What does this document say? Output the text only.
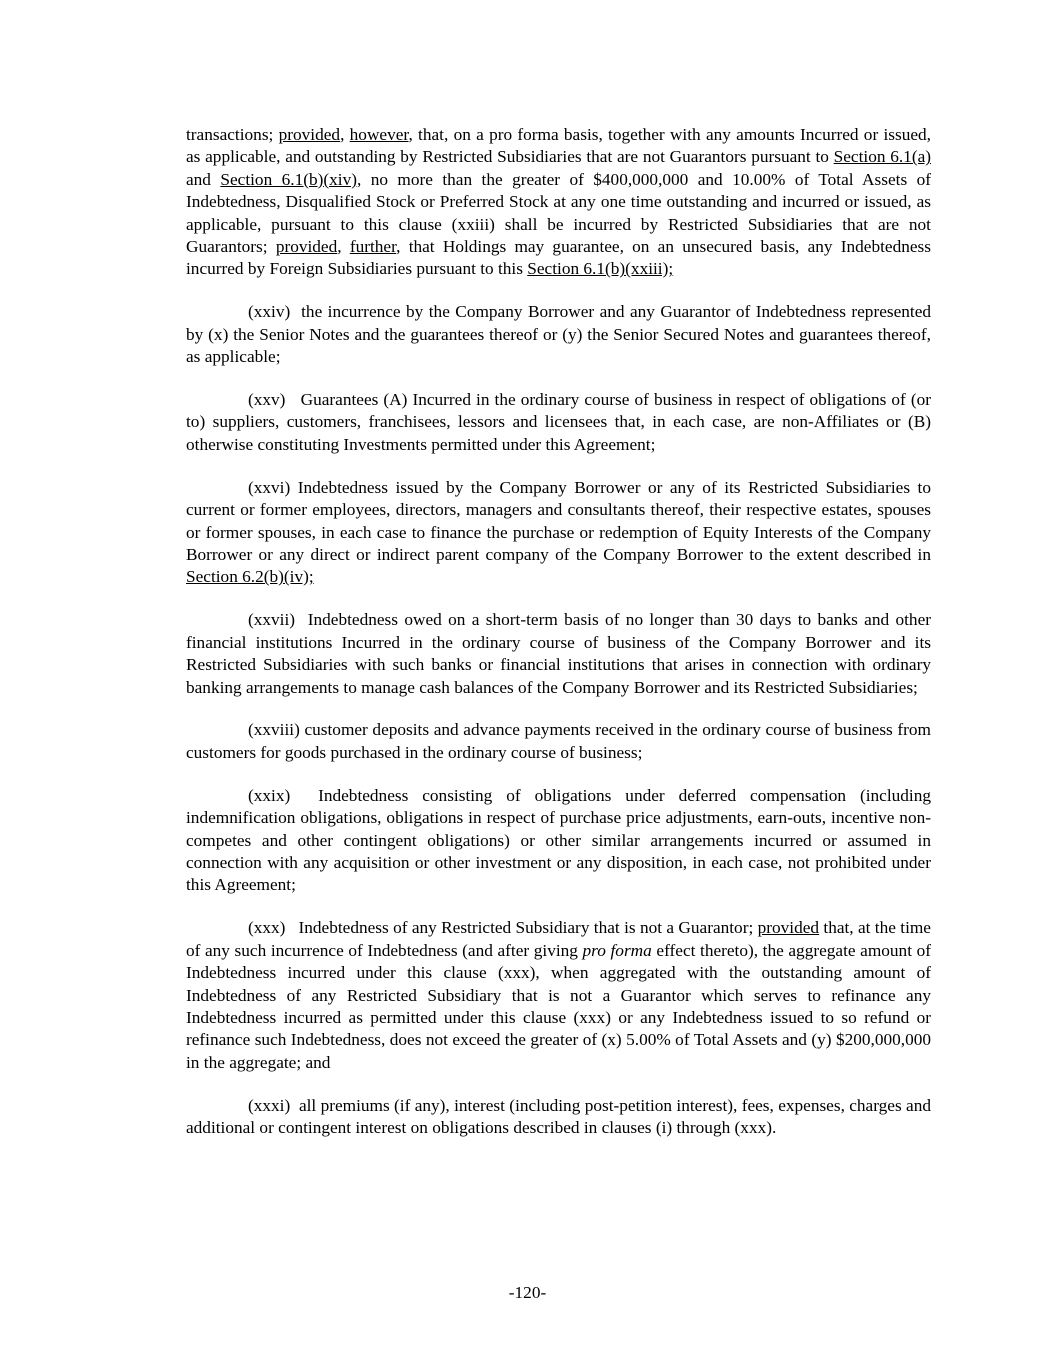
transactions; provided, however, that, on a pro forma basis, together with any amounts Incurred or issued, as applicable, and outstanding by Restricted Subsidiaries that are not Guarantors pursuant to Section 6.1(a) and Section 6.1(b)(xiv), no more than the greater of $400,000,000 and 10.00% of Total Assets of Indebtedness, Disqualified Stock or Preferred Stock at any one time outstanding and incurred or issued, as applicable, pursuant to this clause (xxiii) shall be incurred by Restricted Subsidiaries that are not Guarantors; provided, further, that Holdings may guarantee, on an unsecured basis, any Indebtedness incurred by Foreign Subsidiaries pursuant to this Section 6.1(b)(xxiii);

(xxiv) the incurrence by the Company Borrower and any Guarantor of Indebtedness represented by (x) the Senior Notes and the guarantees thereof or (y) the Senior Secured Notes and guarantees thereof, as applicable;

(xxv) Guarantees (A) Incurred in the ordinary course of business in respect of obligations of (or to) suppliers, customers, franchisees, lessors and licensees that, in each case, are non-Affiliates or (B) otherwise constituting Investments permitted under this Agreement;

(xxvi) Indebtedness issued by the Company Borrower or any of its Restricted Subsidiaries to current or former employees, directors, managers and consultants thereof, their respective estates, spouses or former spouses, in each case to finance the purchase or redemption of Equity Interests of the Company Borrower or any direct or indirect parent company of the Company Borrower to the extent described in Section 6.2(b)(iv);

(xxvii) Indebtedness owed on a short-term basis of no longer than 30 days to banks and other financial institutions Incurred in the ordinary course of business of the Company Borrower and its Restricted Subsidiaries with such banks or financial institutions that arises in connection with ordinary banking arrangements to manage cash balances of the Company Borrower and its Restricted Subsidiaries;

(xxviii) customer deposits and advance payments received in the ordinary course of business from customers for goods purchased in the ordinary course of business;

(xxix) Indebtedness consisting of obligations under deferred compensation (including indemnification obligations, obligations in respect of purchase price adjustments, earn-outs, incentive non-competes and other contingent obligations) or other similar arrangements incurred or assumed in connection with any acquisition or other investment or any disposition, in each case, not prohibited under this Agreement;

(xxx) Indebtedness of any Restricted Subsidiary that is not a Guarantor; provided that, at the time of any such incurrence of Indebtedness (and after giving pro forma effect thereto), the aggregate amount of Indebtedness incurred under this clause (xxx), when aggregated with the outstanding amount of Indebtedness of any Restricted Subsidiary that is not a Guarantor which serves to refinance any Indebtedness incurred as permitted under this clause (xxx) or any Indebtedness issued to so refund or refinance such Indebtedness, does not exceed the greater of (x) 5.00% of Total Assets and (y) $200,000,000 in the aggregate; and

(xxxi) all premiums (if any), interest (including post-petition interest), fees, expenses, charges and additional or contingent interest on obligations described in clauses (i) through (xxx).

-120-
